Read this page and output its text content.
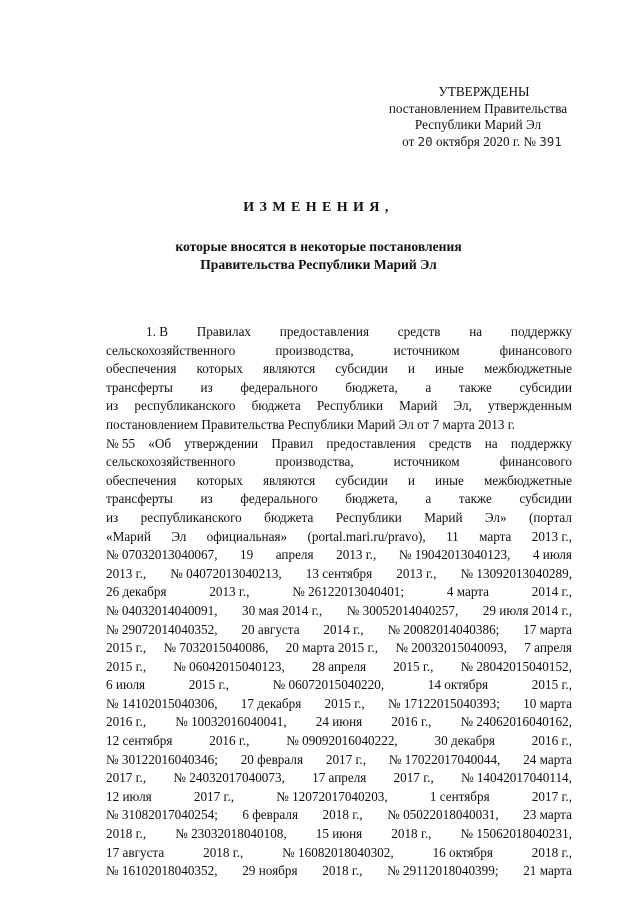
УТВЕРЖДЕНЫ
постановлением Правительства
Республики Марий Эл
от 20 октября 2020 г. № 391
ИЗМЕНЕНИЯ,
которые вносятся в некоторые постановления
Правительства Республики Марий Эл
1. В Правилах предоставления средств на поддержку
сельскохозяйственного	производства,	источником	финансового
обеспечения которых являются субсидии и иные межбюджетные
трансферты из федерального бюджета, а также субсидии
из республиканского бюджета Республики Марий Эл, утвержденным
постановлением Правительства Республики Марий Эл от 7 марта 2013 г.
№ 55 «Об утверждении Правил предоставления средств на поддержку
сельскохозяйственного	производства,	источником	финансового
обеспечения которых являются субсидии и иные межбюджетные
трансферты из федерального бюджета, а также субсидии
из республиканского бюджета Республики Марий Эл» (портал
«Марий Эл официальная» (portal.mari.ru/pravo), 11 марта 2013 г.,
№ 07032013040067, 19 апреля 2013 г., № 19042013040123, 4 июля
2013 г., № 04072013040213, 13 сентября 2013 г., № 13092013040289,
26 декабря	2013 г.,	№ 26122013040401;	4 марта	2014 г.,
№ 04032014040091, 30 мая 2014 г., № 30052014040257, 29 июля 2014 г.,
№ 29072014040352, 20 августа 2014 г., № 20082014040386; 17 марта
2015 г., № 7032015040086, 20 марта 2015 г., № 20032015040093, 7 апреля
2015 г., № 06042015040123, 28 апреля 2015 г., № 28042015040152,
6 июля	2015 г.,	№ 06072015040220,	14 октября	2015 г.,
№ 14102015040306, 17 декабря 2015 г., № 17122015040393; 10 марта
2016 г., № 10032016040041, 24 июня 2016 г., № 24062016040162,
12 сентября	2016 г.,	№ 09092016040222,	30 декабря	2016 г.,
№ 30122016040346; 20 февраля 2017 г., № 17022017040044, 24 марта
2017 г., № 24032017040073, 17 апреля 2017 г., № 14042017040114,
12 июля	2017 г.,	№ 12072017040203,	1 сентября	2017 г.,
№ 31082017040254; 6 февраля 2018 г., № 05022018040031, 23 марта
2018 г., № 23032018040108, 15 июня 2018 г., № 15062018040231,
17 августа	2018 г.,	№ 16082018040302,	16 октября	2018 г.,
№ 16102018040352, 29 ноября 2018 г., № 29112018040399; 21 марта
